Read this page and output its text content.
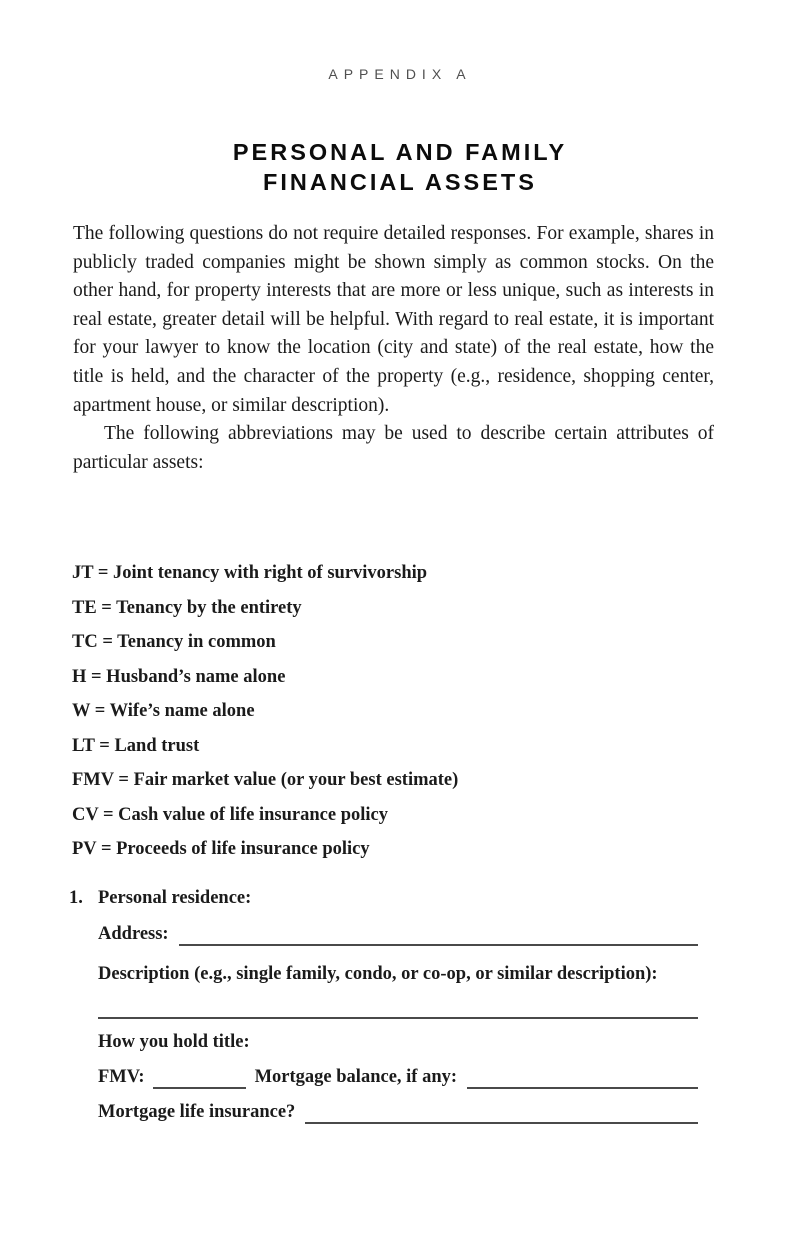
APPENDIX A
PERSONAL AND FAMILY
FINANCIAL ASSETS

The following questions do not require detailed responses. For example, shares in publicly traded companies might be shown simply as common stocks. On the other hand, for property interests that are more or less unique, such as interests in real estate, greater detail will be helpful. With regard to real estate, it is important for your lawyer to know the location (city and state) of the real estate, how the title is held, and the character of the property (e.g., residence, shopping center, apartment house, or similar description).

The following abbreviations may be used to describe certain attributes of particular assets:

JT = Joint tenancy with right of survivorship
TE = Tenancy by the entirety
TC = Tenancy in common
H = Husband’s name alone
W = Wife’s name alone
LT = Land trust
FMV = Fair market value (or your best estimate)
CV = Cash value of life insurance policy
PV = Proceeds of life insurance policy
1. Personal residence:
Address:
Description (e.g., single family, condo, or co-op, or similar description):
How you hold title:
FMV:	Mortgage balance, if any:
Mortgage life insurance?
